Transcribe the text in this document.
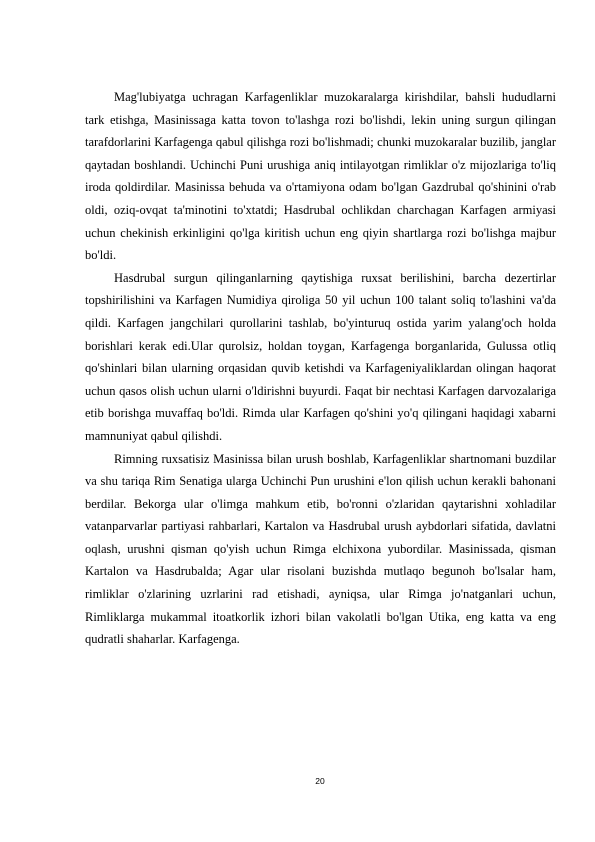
Mag'lubiyatga uchragan Karfagenliklar muzokaralarga kirishdilar, bahsli hududlarni tark etishga, Masinissaga katta tovon to'lashga rozi bo'lishdi, lekin uning surgun qilingan tarafdorlarini Karfagenga qabul qilishga rozi bo'lishmadi; chunki muzokaralar buzilib, janglar qaytadan boshlandi. Uchinchi Puni urushiga aniq intilayotgan rimliklar o'z mijozlariga to'liq iroda qoldirdilar. Masinissa behuda va o'rtamiyona odam bo'lgan Gazdrubal qo'shinini o'rab oldi, oziq-ovqat ta'minotini to'xtatdi; Hasdrubal ochlikdan charchagan Karfagen armiyasi uchun chekinish erkinligini qo'lga kiritish uchun eng qiyin shartlarga rozi bo'lishga majbur bo'ldi.

Hasdrubal surgun qilinganlarning qaytishiga ruxsat berilishini, barcha dezertirlar topshirilishini va Karfagen Numidiya qiroliga 50 yil uchun 100 talant soliq to'lashini va'da qildi. Karfagen jangchilari qurollarini tashlab, bo'yinturuq ostida yarim yalang'och holda borishlari kerak edi.Ular qurolsiz, holdan toygan, Karfagenga borganlarida, Gulussa otliq qo'shinlari bilan ularning orqasidan quvib ketishdi va Karfageniyaliklardan olingan haqorat uchun qasos olish uchun ularni o'ldirishni buyurdi. Faqat bir nechtasi Karfagen darvozalariga etib borishga muvaffaq bo'ldi. Rimda ular Karfagen qo'shini yo'q qilingani haqidagi xabarni mamnuniyat qabul qilishdi.

Rimning ruxsatisiz Masinissa bilan urush boshlab, Karfagenliklar shartnomani buzdilar va shu tariqa Rim Senatiga ularga Uchinchi Pun urushini e'lon qilish uchun kerakli bahonani berdilar. Bekorga ular o'limga mahkum etib, bo'ronni o'zlaridan qaytarishni xohladilar vatanparvarlar partiyasi rahbarlari, Kartalon va Hasdrubal urush aybdorlari sifatida, davlatni oqlash, urushni qisman qo'yish uchun Rimga elchixona yubordilar. Masinissada, qisman Kartalon va Hasdrubalda; Agar ular risolani buzishda mutlaqo begunoh bo'lsalar ham, rimliklar o'zlarining uzrlarini rad etishadi, ayniqsa, ular Rimga jo'natganlari uchun, Rimliklarga mukammal itoatkorlik izhori bilan vakolatli bo'lgan Utika, eng katta va eng qudratli shaharlar. Karfagenga.

20
